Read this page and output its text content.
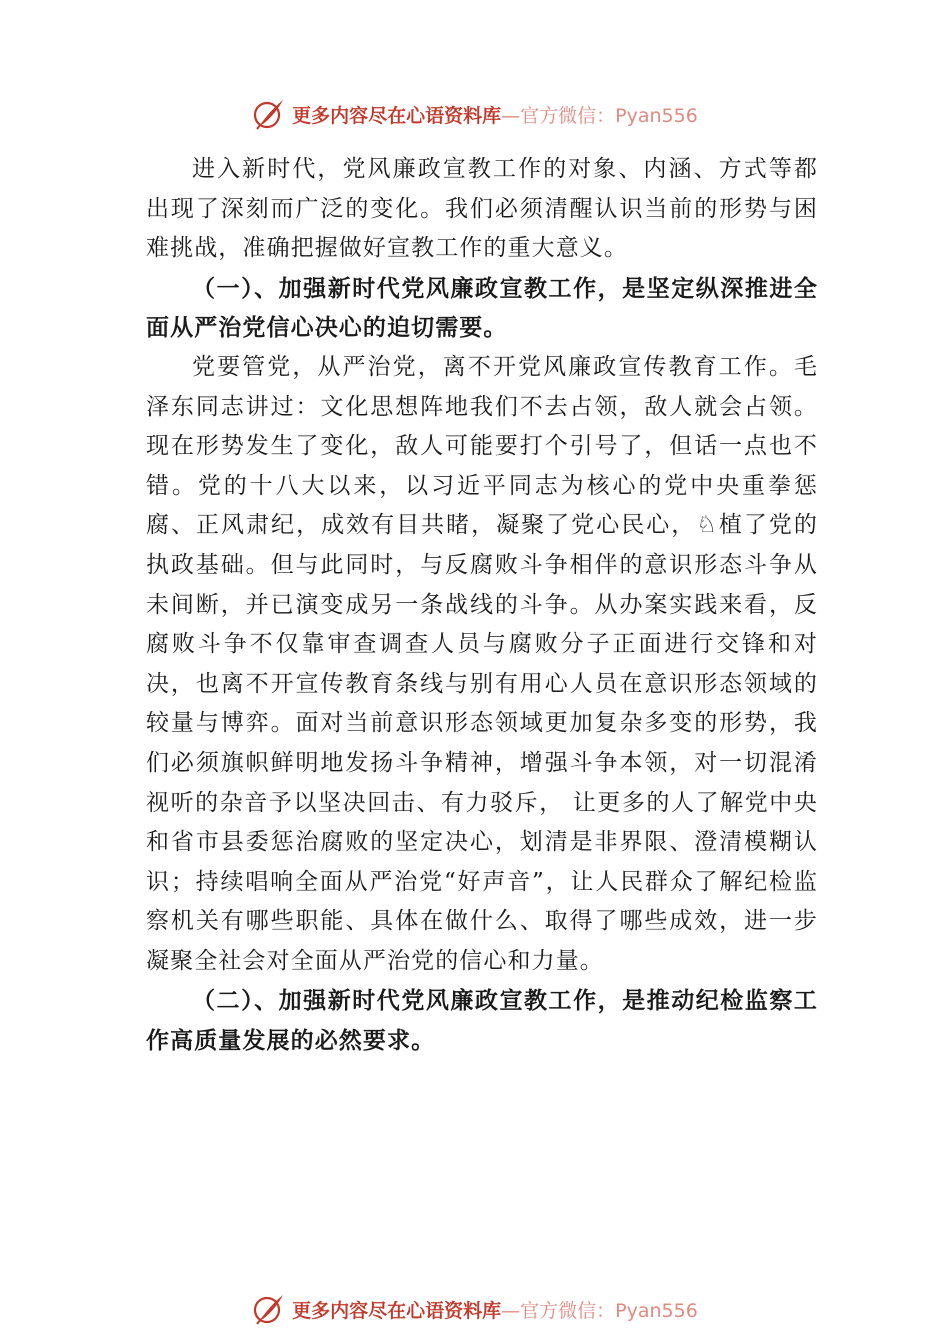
更多内容尽在心语资料库 —官方微信：Pyan556

进入新时代，党风廉政宣教工作的对象、内涵、方式等都出现了深刻而广泛的变化。我们必须清醒认识当前的形势与困难挑战，准确把握做好宣教工作的重大意义。

（一）、加强新时代党风廉政宣教工作，是坚定纵深推进全面从严治党信心决心的迫切需要。

党要管党，从严治党，离不开党风廉政宣传教育工作。毛泽东同志讲过：文化思想阵地我们不去占领，敌人就会占领。现在形势发生了变化，敌人可能要打个引号了，但话一点也不错。党的十八大以来，以习近平同志为核心的党中央重拳惩腐、正风肃纪，成效有目共睹，凝聚了党心民心，♘植了党的执政基础。但与此同时，与反腐败斗争相伴的意识形态斗争从未间断，并已演变成另一条战线的斗争。从办案实践来看，反腐败斗争不仅靠审查调查人员与腐败分子正面进行交锋和对决，也离不开宣传教育条线与别有用心人员在意识形态领域的较量与博弈。面对当前意识形态领域更加复杂多变的形势，我们必须旗帜鲜明地发扬斗争精神，增强斗争本领，对一切混淆视听的杂音予以坚决回击、有力驳斥， 让更多的人了解党中央和省市县委惩治腐败的坚定决心，划清是非界限、澄清模糊认识；持续唱响全面从严治党“好声音”，让人民群众了解纪检监察机关有哪些职能、具体在做什么、取得了哪些成效，进一步凝聚全社会对全面从严治党的信心和力量。

（二）、加强新时代党风廉政宣教工作，是推动纪检监察工作高质量发展的必然要求。

更多内容尽在心语资料库 —官方微信：Pyan556
